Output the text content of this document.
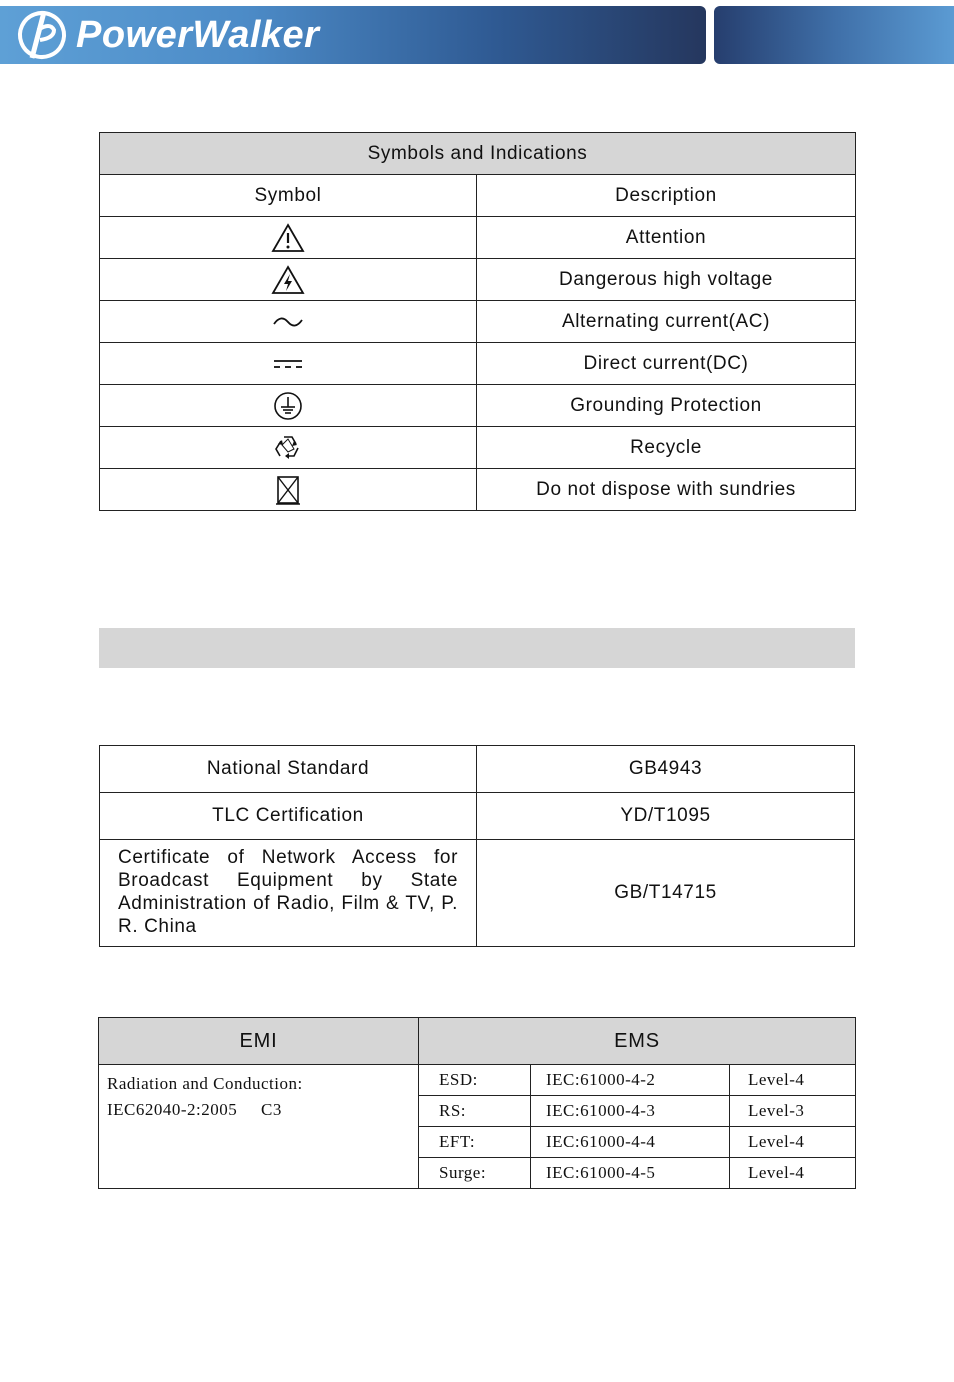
PowerWalker
Symbols and Indications	
Symbol	Description

	Attention

	Dangerous high voltage

	Alternating current(AC)

	Direct current(DC)

	Grounding Protection

	Recycle

	Do not dispose with sundries
National Standard	GB4943
TLC Certification	YD/T1095

Certificate of Network Access for Broadcast Equipment by State Administration of Radio, Film & TV, P. R. China	GB/T14715
EMI	EMS		

Radiation and Conduction:
IEC62040-2:2005     C3	ESD:	IEC:61000-4-2	Level-4
	RS:	IEC:61000-4-3	Level-3
	EFT:	IEC:61000-4-4	Level-4
	Surge:	IEC:61000-4-5	Level-4
